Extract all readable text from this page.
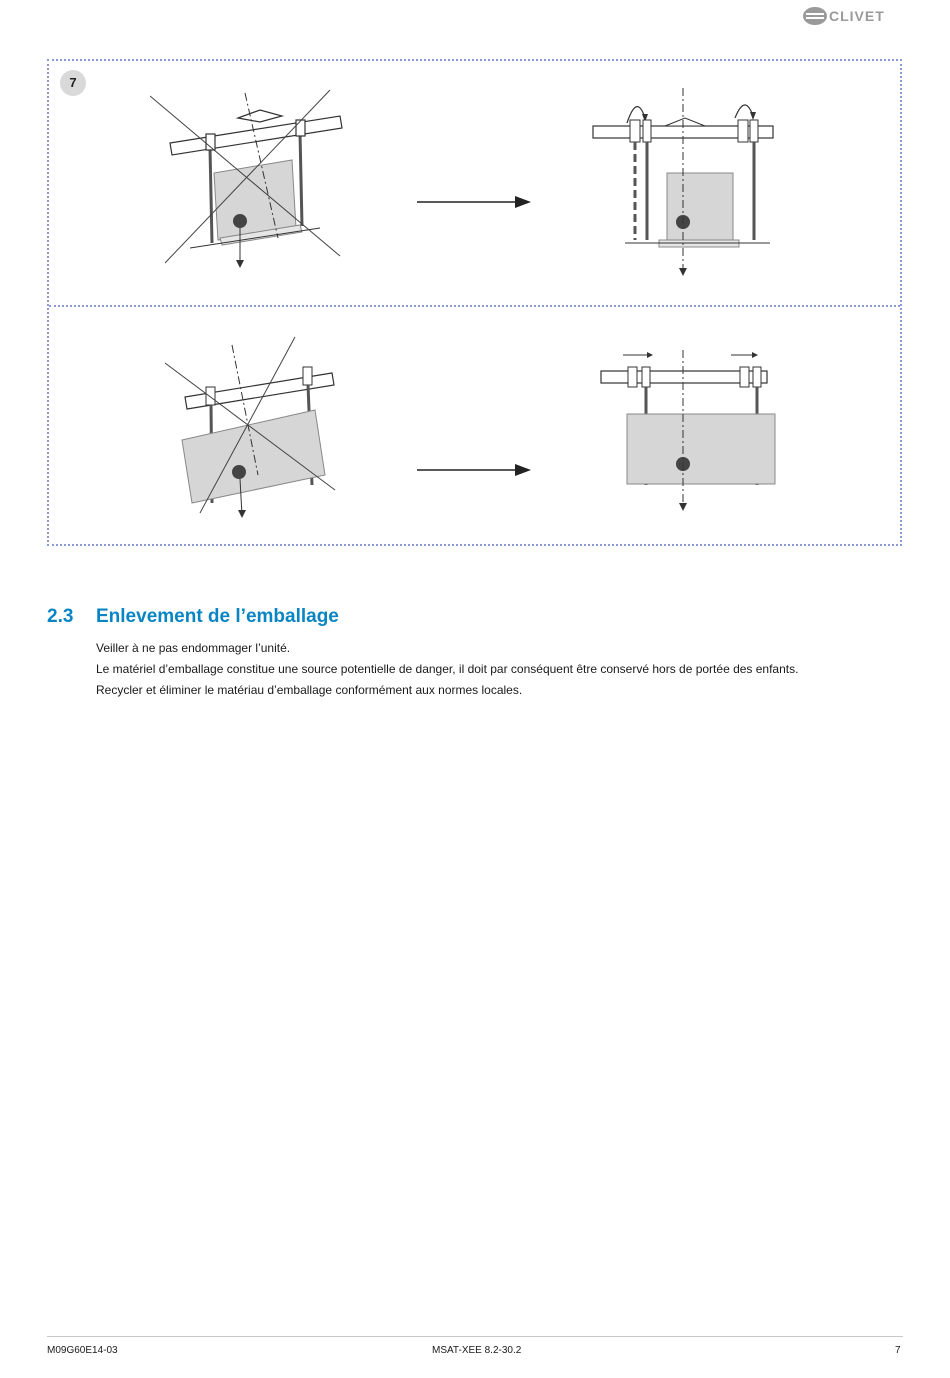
CLIVET
7
2.3 Enlevement de l’emballage

Veiller à ne pas endommager l’unité.

Le matériel d’emballage constitue une source potentielle de danger, il doit par conséquent être conservé hors de portée des enfants.

Recycler et éliminer le matériau d’emballage conformément aux normes locales.

M09G60E14-03	MSAT-XEE 8.2-30.2	7
